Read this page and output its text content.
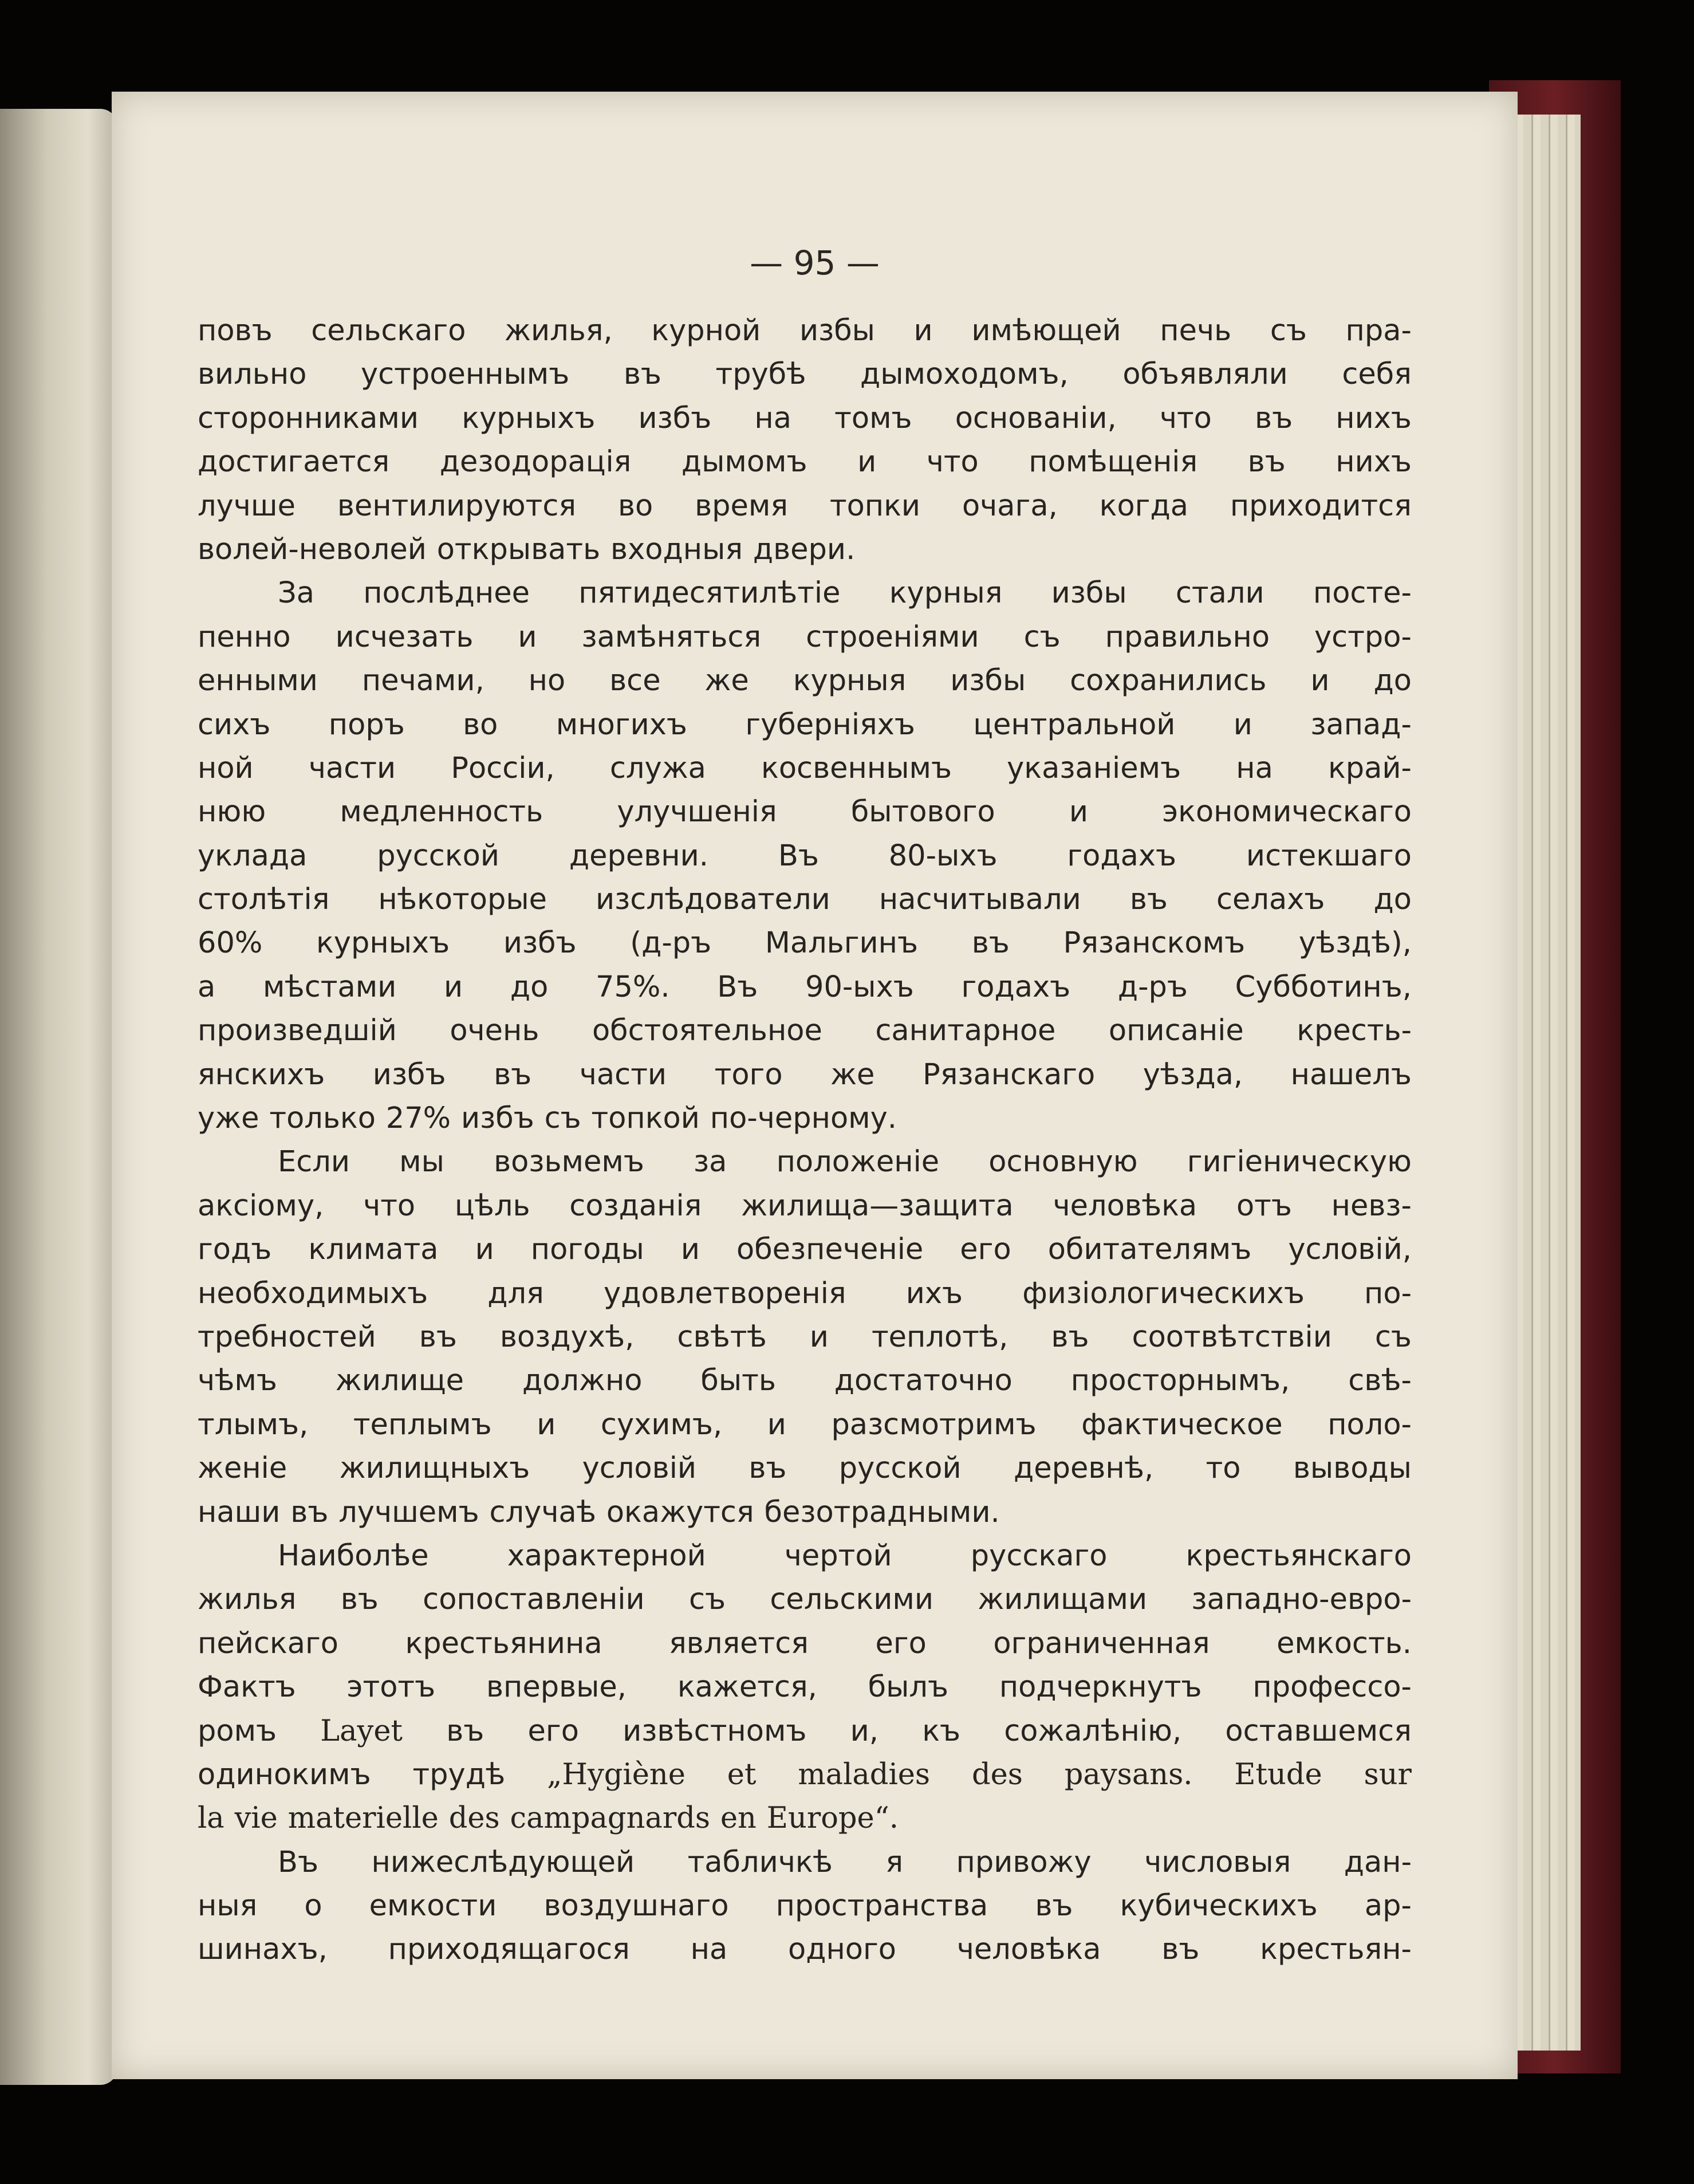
— 95 —

повъ сельскаго жилья, курной избы и имѣющей печь съ пра-

вильно устроеннымъ въ трубѣ дымоходомъ, объявляли себя

сторонниками курныхъ избъ на томъ основаніи, что въ нихъ

достигается дезодорація дымомъ и что помѣщенія въ нихъ

лучше вентилируются во время топки очага, когда приходится

волей-неволей открывать входныя двери.

За послѣднее пятидесятилѣтіе курныя избы стали посте-

пенно исчезать и замѣняться строеніями съ правильно устро-

енными печами, но все же курныя избы сохранились и до

сихъ поръ во многихъ губерніяхъ центральной и запад-

ной части Россіи, служа косвеннымъ указаніемъ на край-

нюю	медленность	улучшенія	бытового	и	экономическаго

уклада русской деревни. Въ 80-ыхъ годахъ истекшаго

столѣтія нѣкоторые изслѣдователи насчитывали въ селахъ до

60% курныхъ избъ (д-ръ Мальгинъ въ Рязанскомъ уѣздѣ),

а мѣстами и до 75%. Въ 90-ыхъ годахъ д-ръ Субботинъ,

произведшій очень обстоятельное санитарное описаніе кресть-

янскихъ избъ въ части того же Рязанскаго уѣзда, нашелъ

уже только 27% избъ съ топкой по-черному.

Если мы возьмемъ за положеніе основную гигіеническую

аксіому, что цѣль созданія жилища—защита человѣка отъ невз-

годъ климата и погоды и обезпеченіе его обитателямъ условій,

необходимыхъ для удовлетворенія ихъ физіологическихъ по-

требностей въ воздухѣ, свѣтѣ и теплотѣ, въ соотвѣтствіи съ

чѣмъ жилище должно быть достаточно просторнымъ, свѣ-

тлымъ, теплымъ и сухимъ, и разсмотримъ фактическое поло-

женіе жилищныхъ условій въ русской деревнѣ, то выводы

наши въ лучшемъ случаѣ окажутся безотрадными.

Наиболѣе	характерной	чертой	русскаго	крестьянскаго

жилья въ сопоставленіи съ сельскими жилищами западно-евро-

пейскаго крестьянина является его ограниченная емкость.

Фактъ этотъ впервые, кажется, былъ подчеркнутъ профессо-

ромъ Layet въ его извѣстномъ и, къ сожалѣнію, оставшемся

одинокимъ трудѣ „Hygiène et maladies des paysans. Etude sur

la vie materielle des campagnards en Europe“.

Въ нижеслѣдующей табличкѣ я привожу числовыя дан-

ныя о емкости воздушнаго пространства въ кубическихъ ар-

шинахъ, приходящагося на одного человѣка въ крестьян-
